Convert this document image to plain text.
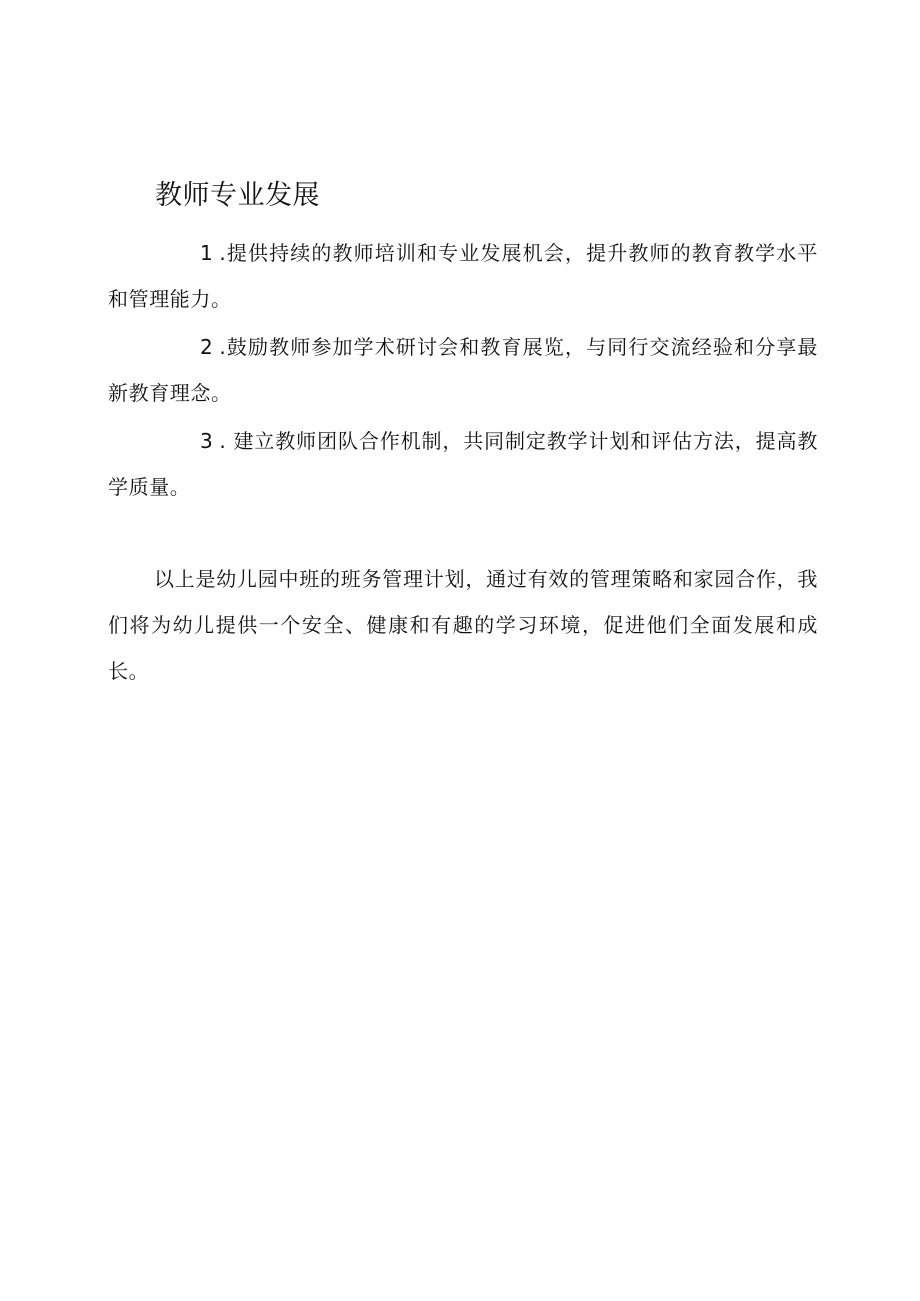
教师专业发展

1 .提供持续的教师培训和专业发展机会，提升教师的教育教学水平和管理能力。

2 .鼓励教师参加学术研讨会和教育展览，与同行交流经验和分享最新教育理念。

3 . 建立教师团队合作机制，共同制定教学计划和评估方法，提高教学质量。

以上是幼儿园中班的班务管理计划，通过有效的管理策略和家园合作，我们将为幼儿提供一个安全、健康和有趣的学习环境，促进他们全面发展和成长。
